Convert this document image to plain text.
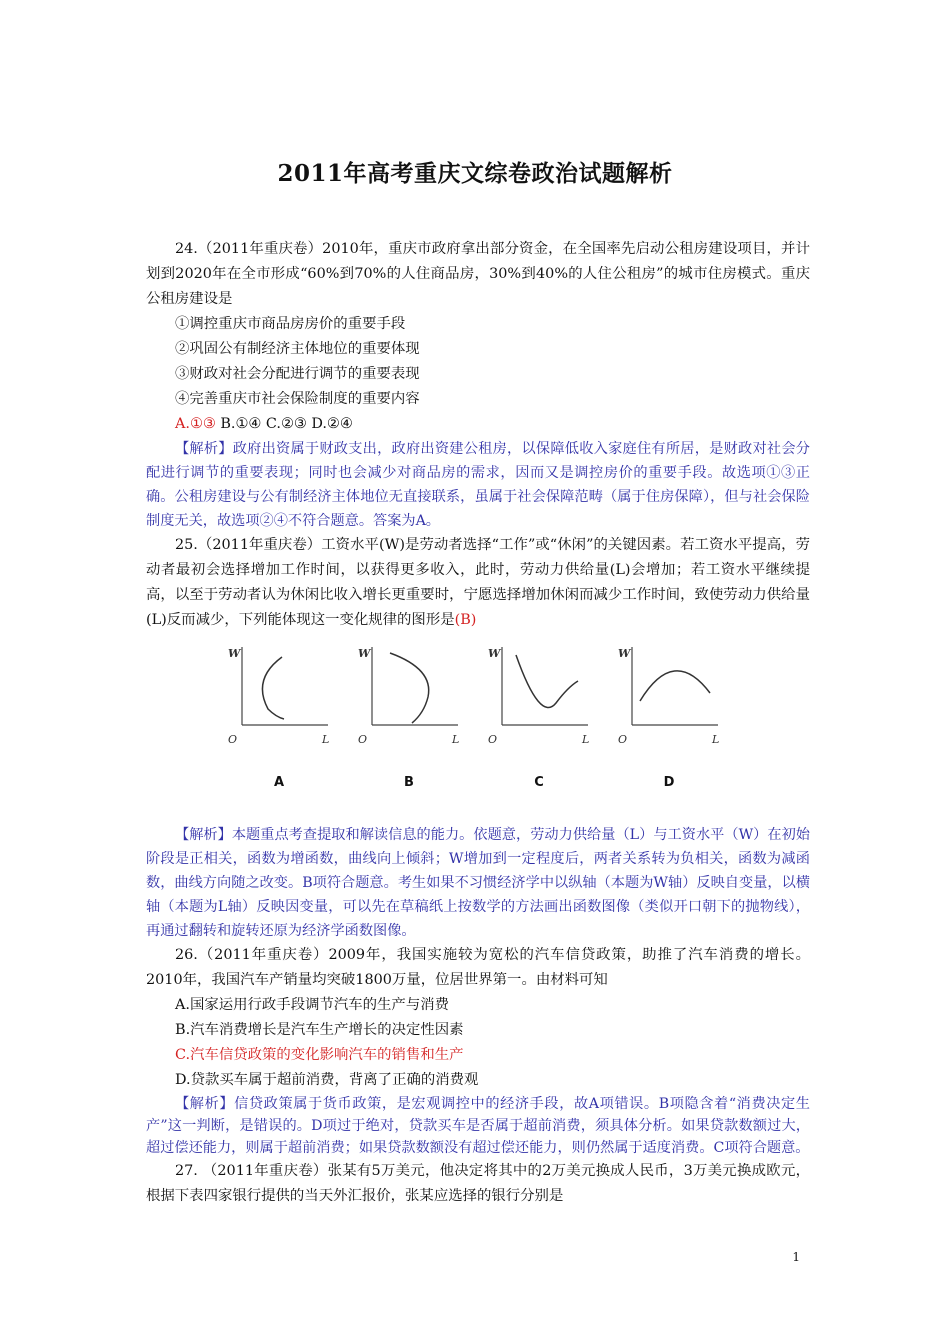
2011年高考重庆文综卷政治试题解析

24.（2011年重庆卷）2010年，重庆市政府拿出部分资金，在全国率先启动公租房建设项目，并计划到2020年在全市形成“60%到70%的人住商品房，30%到40%的人住公租房”的城市住房模式。重庆公租房建设是

①调控重庆市商品房房价的重要手段

②巩固公有制经济主体地位的重要体现

③财政对社会分配进行调节的重要表现

④完善重庆市社会保险制度的重要内容

A.①③ B.①④ C.②③ D.②④

【解析】政府出资属于财政支出，政府出资建公租房，以保障低收入家庭住有所居，是财政对社会分配进行调节的重要表现；同时也会减少对商品房的需求，因而又是调控房价的重要手段。故选项①③正确。公租房建设与公有制经济主体地位无直接联系，虽属于社会保障范畴（属于住房保障），但与社会保险制度无关，故选项②④不符合题意。答案为A。

25.（2011年重庆卷）工资水平(W)是劳动者选择“工作”或“休闲”的关键因素。若工资水平提高，劳动者最初会选择增加工作时间，以获得更多收入，此时，劳动力供给量(L)会增加；若工资水平继续提高，以至于劳动者认为休闲比收入增长更重要时，宁愿选择增加休闲而减少工作时间，致使劳动力供给量(L)反而减少，下列能体现这一变化规律的图形是(B)

W
O	L
A
W
O	L
B
W
O	L
C
W
O	L
D

【解析】本题重点考查提取和解读信息的能力。依题意，劳动力供给量（L）与工资水平（W）在初始阶段是正相关，函数为增函数，曲线向上倾斜；W增加到一定程度后，两者关系转为负相关，函数为减函数，曲线方向随之改变。B项符合题意。考生如果不习惯经济学中以纵轴（本题为W轴）反映自变量，以横轴（本题为L轴）反映因变量，可以先在草稿纸上按数学的方法画出函数图像（类似开口朝下的抛物线），再通过翻转和旋转还原为经济学函数图像。

26.（2011年重庆卷）2009年，我国实施较为宽松的汽车信贷政策，助推了汽车消费的增长。2010年，我国汽车产销量均突破1800万量，位居世界第一。由材料可知

A.国家运用行政手段调节汽车的生产与消费

B.汽车消费增长是汽车生产增长的决定性因素

C.汽车信贷政策的变化影响汽车的销售和生产

D.贷款买车属于超前消费，背离了正确的消费观

【解析】信贷政策属于货币政策，是宏观调控中的经济手段，故A项错误。B项隐含着“消费决定生产”这一判断，是错误的。D项过于绝对，贷款买车是否属于超前消费，须具体分析。如果贷款数额过大，超过偿还能力，则属于超前消费；如果贷款数额没有超过偿还能力，则仍然属于适度消费。C项符合题意。

27. （2011年重庆卷）张某有5万美元，他决定将其中的2万美元换成人民币，3万美元换成欧元，根据下表四家银行提供的当天外汇报价，张某应选择的银行分别是

1
